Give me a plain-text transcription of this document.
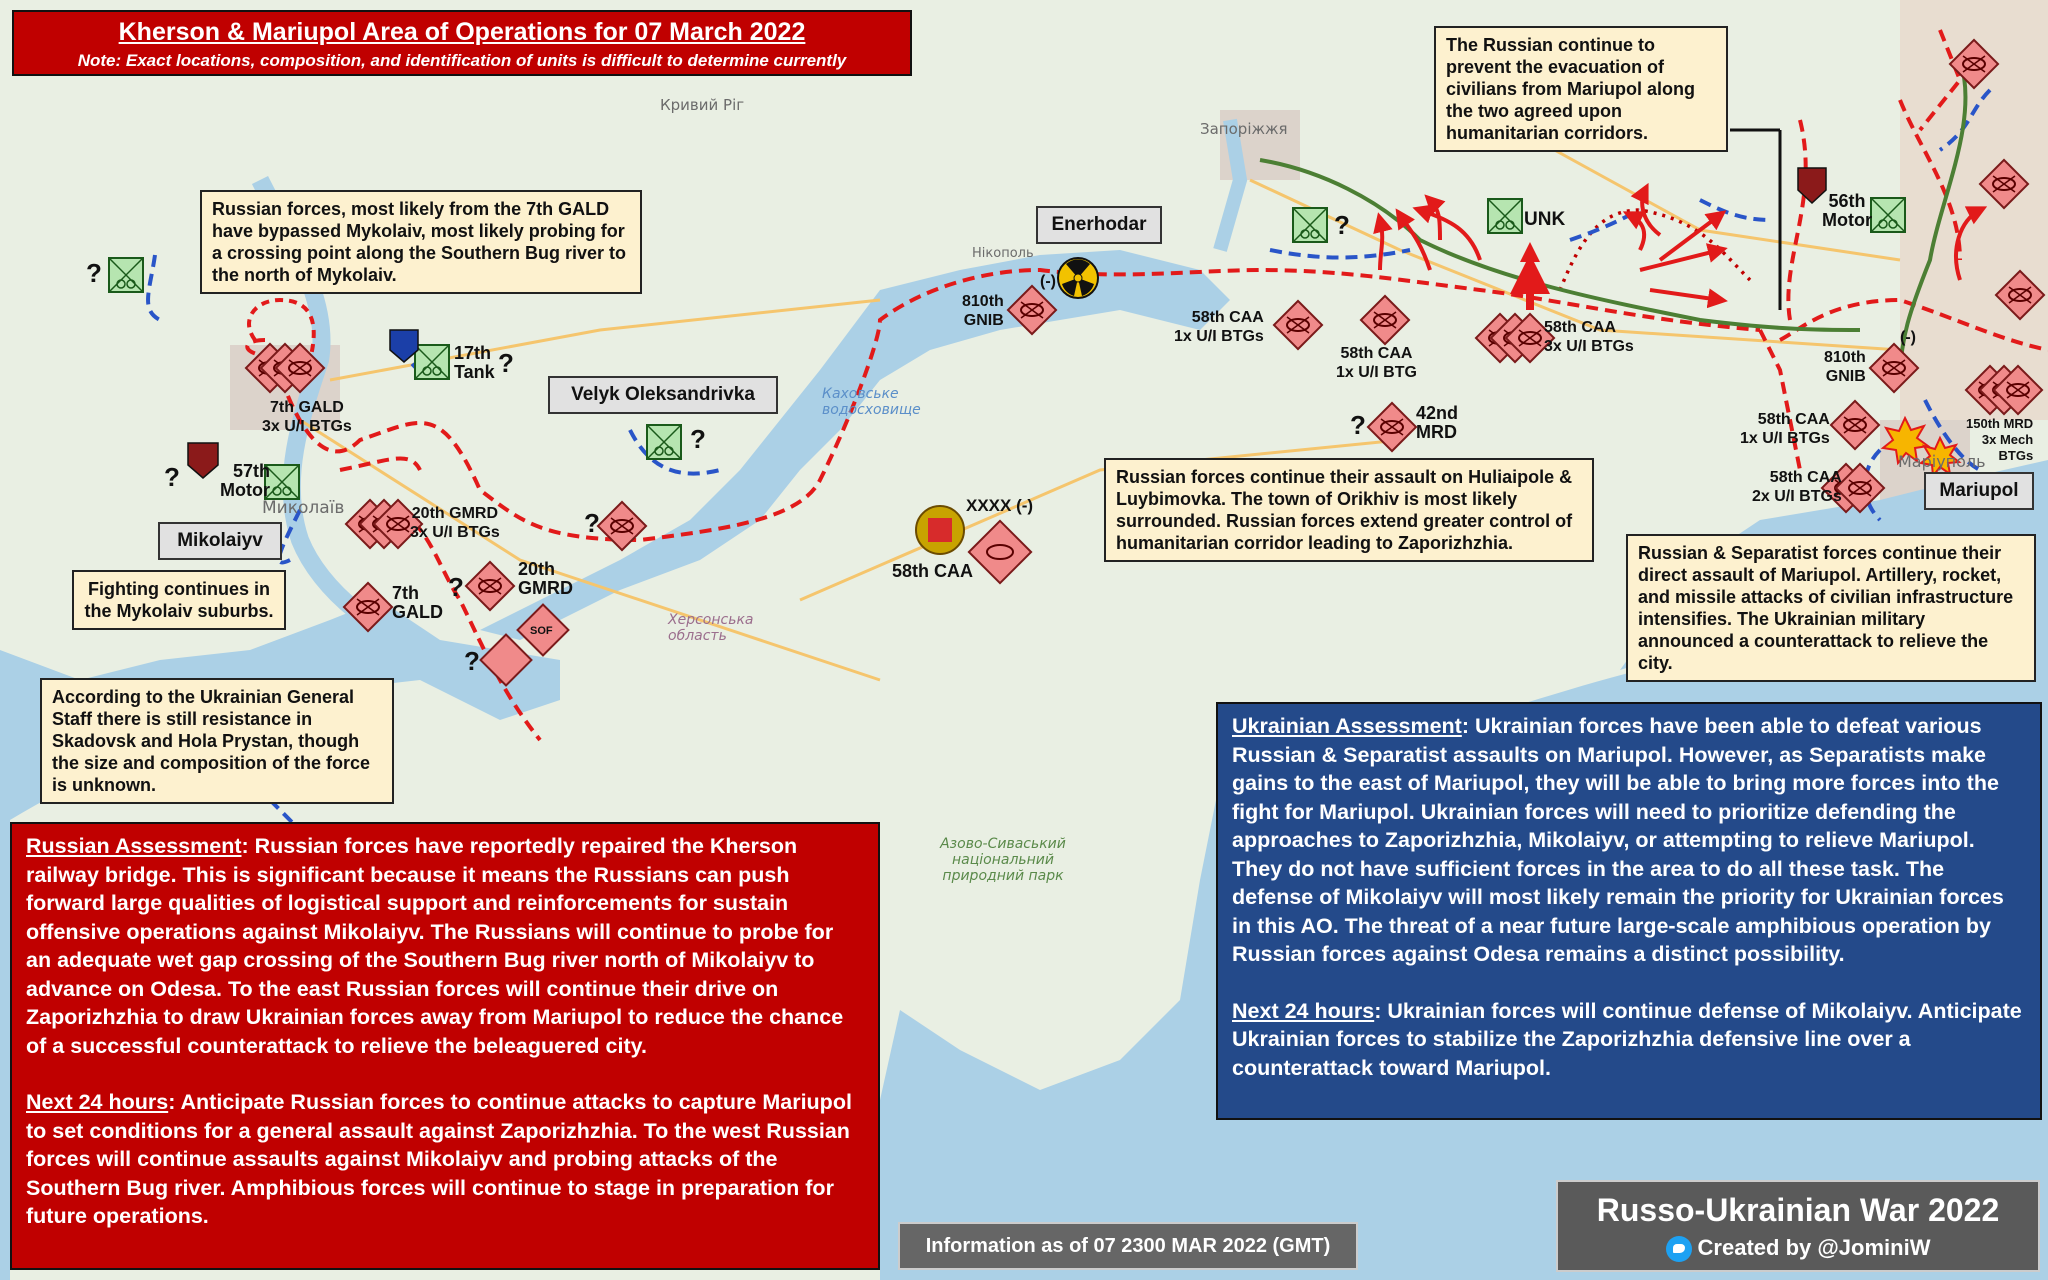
Кривий Ріг
Запоріжжя
Нікополь
Миколаїв
Маріуполь
Херсонська область
Каховське водосховище
Азово-Сиваський національний природний парк
Kherson & Mariupol Area of Operations for 07 March 2022
Note: Exact locations, composition, and identification of units is difficult to determine currently
Russian forces, most likely from the 7th GALD have bypassed Mykolaiv, most likely probing for a crossing point along the Southern Bug river to the north of Mykolaiv.
Fighting continues in the Mykolaiv suburbs.
According to the Ukrainian General Staff there is still resistance in Skadovsk and Hola Prystan, though the size and composition of the force is unknown.
The Russian continue to prevent the evacuation of civilians from Mariupol along the two agreed upon humanitarian corridors.
Russian forces continue their assault on Huliaipole & Luybimovka. The town of Orikhiv is most likely surrounded. Russian forces extend greater control of humanitarian corridor leading to Zaporizhzhia.	Russian & Separatist forces continue their direct assault of Mariupol. Artillery, rocket, and missile attacks of civilian infrastructure intensifies. The Ukrainian military announced a counterattack to relieve the city.
Mikolaiyv
Velyk Oleksandrivka
Enerhodar
Mariupol
7th GALD
3x U/I BTGs
17th
Tank
57th
Motor
20th GMRD
3x U/I BTGs
7th
GALD
20th
GMRD
SOF
810th
GNIB
(-)
58th CAA
XXXX (-)
58th CAA
1x U/I BTGs
58th CAA
1x U/I BTG
58th CAA
3x U/I BTGs
42nd
MRD
UNK
56th
Motor
810th
GNIB
(-)
58th CAA
1x U/I BTGs
58th CAA
2x U/I BTGs
150th MRD
3x Mech
BTGs
?
?
?
?
?
?
?
?
?

Russian Assessment: Russian forces have reportedly repaired the Kherson railway bridge. This is significant because it means the Russians can push forward large qualities of logistical support and reinforcements for sustain offensive operations against Mikolaiyv. The Russians will continue to probe for an adequate wet gap crossing of the Southern Bug river north of Mikolaiyv to advance on Odesa. To the east Russian forces will continue their drive on Zaporizhzhia to draw Ukrainian forces away from Mariupol to reduce the chance of a successful counterattack to relieve the beleaguered city.

Next 24 hours: Anticipate Russian forces to continue attacks to capture Mariupol to set conditions for a general assault against Zaporizhzhia. To the west Russian forces will continue assaults against Mikolaiyv and probing attacks of the Southern Bug river. Amphibious forces will continue to stage in preparation for future operations.

Ukrainian Assessment: Ukrainian forces have been able to defeat various Russian & Separatist assaults on Mariupol. However, as Separatists make gains to the east of Mariupol, they will be able to bring more forces into the fight for Mariupol. Ukrainian forces will need to prioritize defending the approaches to Zaporizhzhia, Mikolaiyv, or attempting to relieve Mariupol. They do not have sufficient forces in the area to do all these task. The defense of Mikolaiyv will most likely remain the priority for Ukrainian forces in this AO. The threat of a near future large-scale amphibious operation by Russian forces against Odesa remains a distinct possibility.

Next 24 hours: Ukrainian forces will continue defense of Mikolaiyv. Anticipate Ukrainian forces to stabilize the Zaporizhzhia defensive line over a counterattack toward Mariupol.

Information as of 07 2300 MAR 2022 (GMT)
Russo-Ukrainian War 2022
Created by @JominiW
